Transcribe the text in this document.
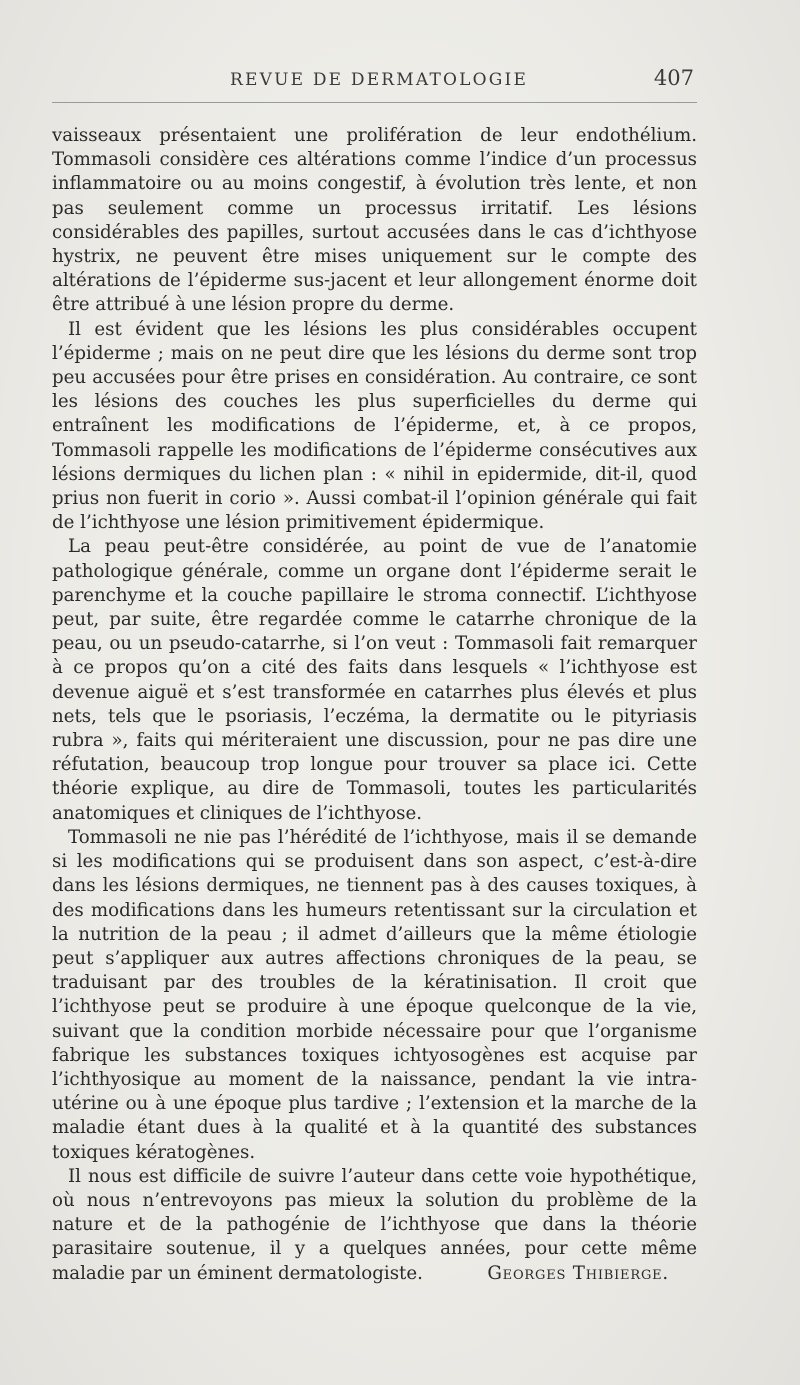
REVUE DE DERMATOLOGIE	407

vaisseaux présentaient une prolifération de leur endothélium. Tommasoli considère ces altérations comme l’indice d’un processus inflammatoire ou au moins congestif, à évolution très lente, et non pas seulement comme un processus irritatif. Les lésions considérables des papilles, surtout accusées dans le cas d’ichthyose hystrix, ne peuvent être mises uniquement sur le compte des altérations de l’épiderme sus-jacent et leur allongement énorme doit être attribué à une lésion propre du derme.

Il est évident que les lésions les plus considérables occupent l’épiderme ; mais on ne peut dire que les lésions du derme sont trop peu accusées pour être prises en considération. Au contraire, ce sont les lésions des couches les plus superficielles du derme qui entraînent les modifications de l’épiderme, et, à ce propos, Tommasoli rappelle les modifications de l’épiderme consécutives aux lésions dermiques du lichen plan : « nihil in epidermide, dit-il, quod prius non fuerit in corio ». Aussi combat-il l’opinion générale qui fait de l’ichthyose une lésion primitivement épidermique.

La peau peut-être considérée, au point de vue de l’anatomie pathologique générale, comme un organe dont l’épiderme serait le parenchyme et la couche papillaire le stroma connectif. L’ichthyose peut, par suite, être regardée comme le catarrhe chronique de la peau, ou un pseudo-catarrhe, si l’on veut : Tommasoli fait remarquer à ce propos qu’on a cité des faits dans lesquels « l’ichthyose est devenue aiguë et s’est transformée en catarrhes plus élevés et plus nets, tels que le psoriasis, l’eczéma, la dermatite ou le pityriasis rubra », faits qui mériteraient une discussion, pour ne pas dire une réfutation, beaucoup trop longue pour trouver sa place ici. Cette théorie explique, au dire de Tommasoli, toutes les particularités anatomiques et cliniques de l’ichthyose.

Tommasoli ne nie pas l’hérédité de l’ichthyose, mais il se demande si les modifications qui se produisent dans son aspect, c’est-à-dire dans les lésions dermiques, ne tiennent pas à des causes toxiques, à des modifications dans les humeurs retentissant sur la circulation et la nutrition de la peau ; il admet d’ailleurs que la même étiologie peut s’appliquer aux autres affections chroniques de la peau, se traduisant par des troubles de la kératinisation. Il croit que l’ichthyose peut se produire à une époque quelconque de la vie, suivant que la condition morbide nécessaire pour que l’organisme fabrique les substances toxiques ichtyosogènes est acquise par l’ichthyosique au moment de la naissance, pendant la vie intra-utérine ou à une époque plus tardive ; l’extension et la marche de la maladie étant dues à la qualité et à la quantité des substances toxiques kératogènes.

Il nous est difficile de suivre l’auteur dans cette voie hypothétique, où nous n’entrevoyons pas mieux la solution du problème de la nature et de la pathogénie de l’ichthyose que dans la théorie parasitaire soutenue, il y a quelques années, pour cette même maladie par un éminent dermatologiste.	Georges Thibierge.
